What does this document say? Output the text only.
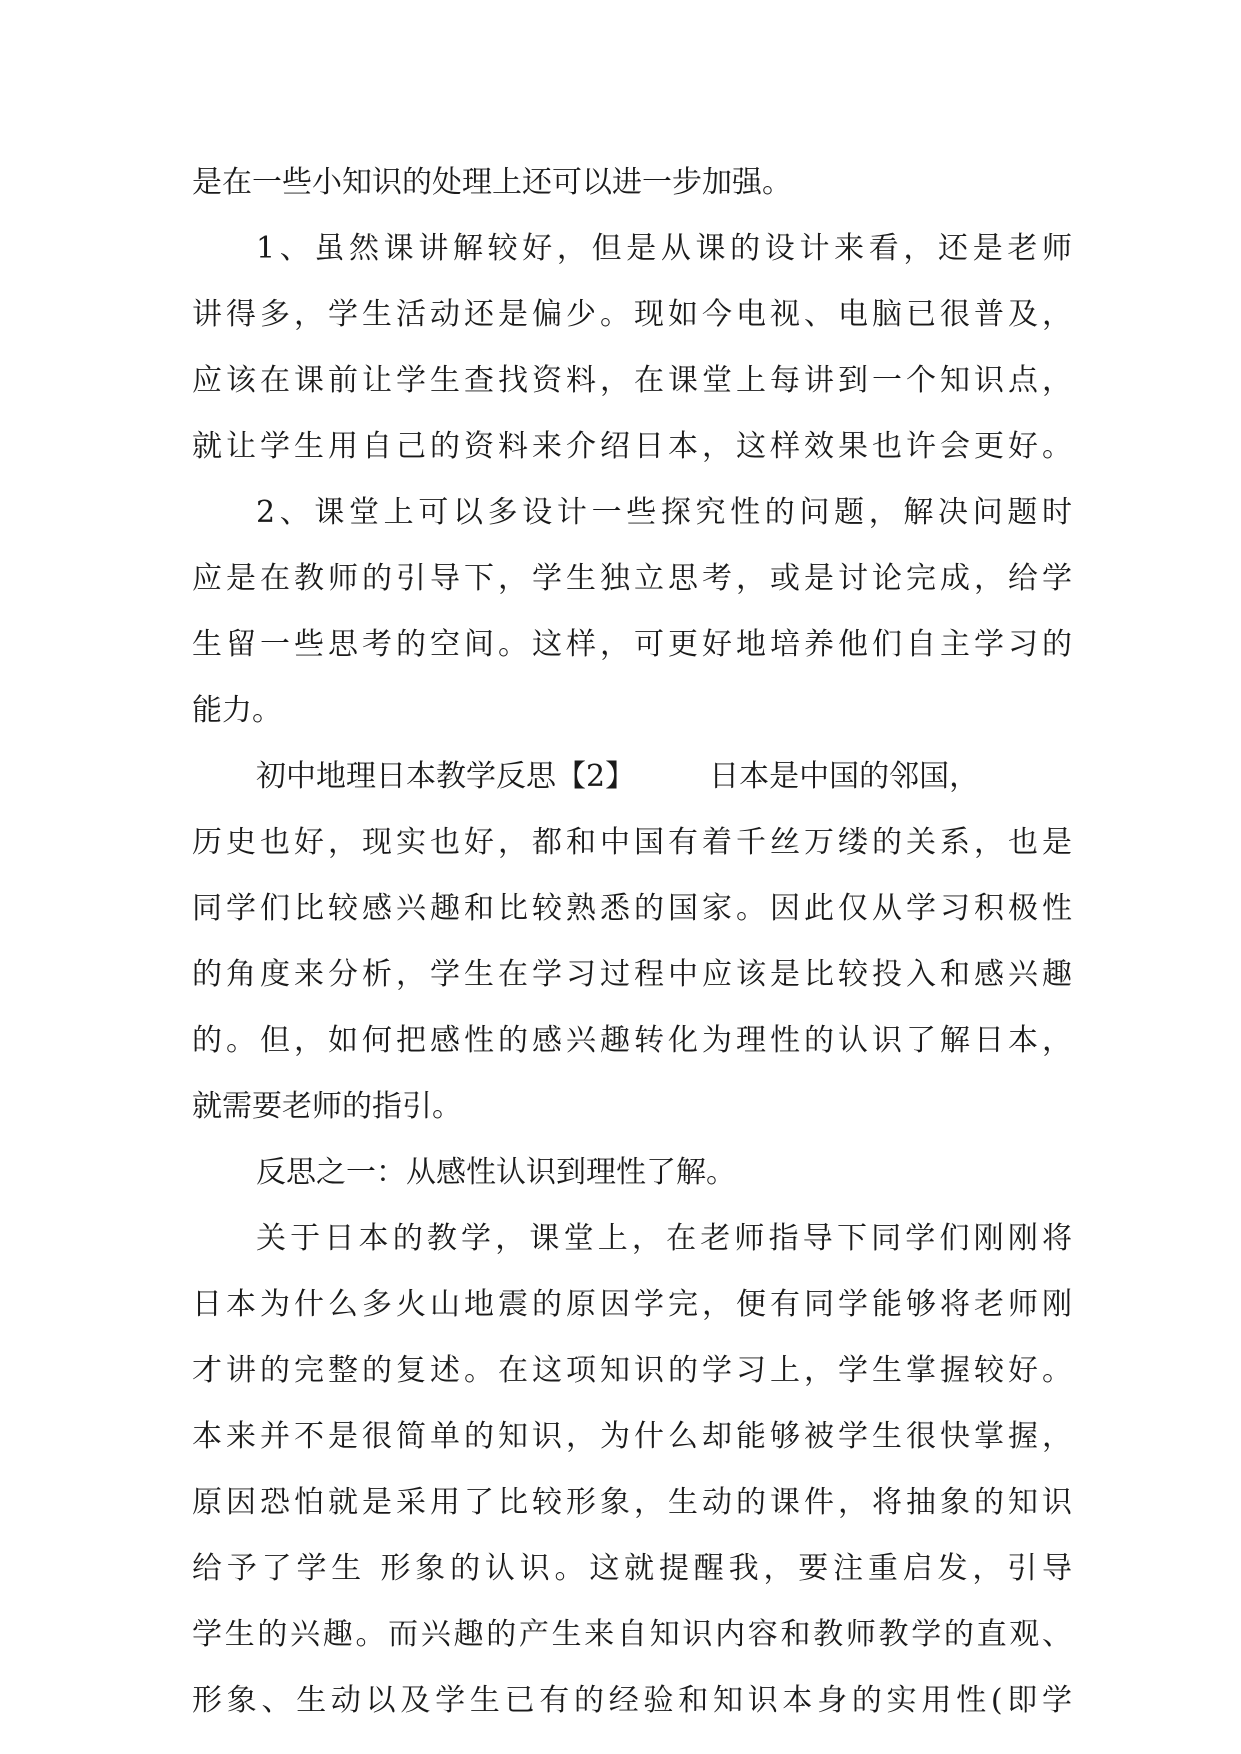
是在一些小知识的处理上还可以进一步加强。
1、虽然课讲解较好，但是从课的设计来看，还是老师
讲得多，学生活动还是偏少。现如今电视、电脑已很普及，
应该在课前让学生查找资料，在课堂上每讲到一个知识点，
就让学生用自己的资料来介绍日本，这样效果也许会更好。
2、课堂上可以多设计一些探究性的问题，解决问题时
应是在教师的引导下，学生独立思考，或是讨论完成，给学
生留一些思考的空间。这样，可更好地培养他们自主学习的
能力。
初中地理日本教学反思【2】 日本是中国的邻国，
历史也好，现实也好，都和中国有着千丝万缕的关系，也是
同学们比较感兴趣和比较熟悉的国家。因此仅从学习积极性
的角度来分析，学生在学习过程中应该是比较投入和感兴趣
的。但，如何把感性的感兴趣转化为理性的认识了解日本，
就需要老师的指引。
反思之一：从感性认识到理性了解。
关于日本的教学，课堂上，在老师指导下同学们刚刚将
日本为什么多火山地震的原因学完，便有同学能够将老师刚
才讲的完整的复述。在这项知识的学习上，学生掌握较好。
本来并不是很简单的知识，为什么却能够被学生很快掌握，
原因恐怕就是采用了比较形象，生动的课件，将抽象的知识
给予了学生 形象的认识。这就提醒我，要注重启发，引导
学生的兴趣。而兴趣的产生来自知识内容和教师教学的直观、
形象、生动以及学生已有的经验和知识本身的实用性(即学
